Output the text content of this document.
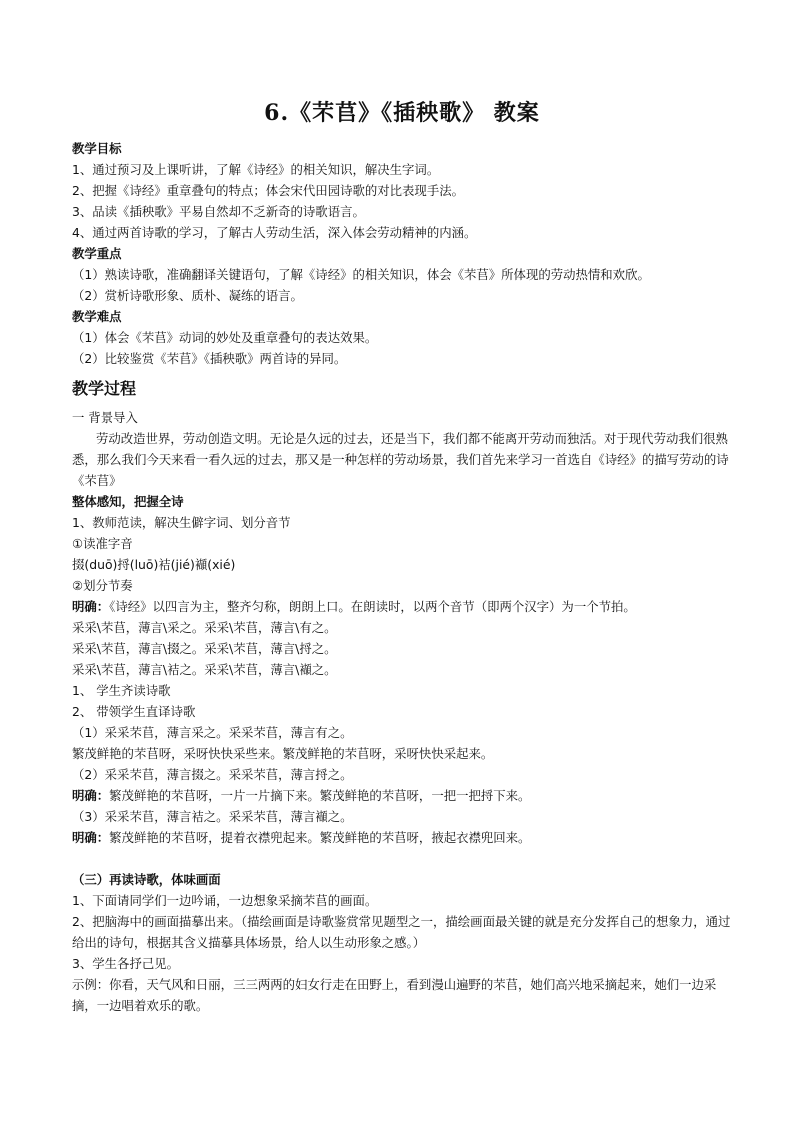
6.《芣苢》《插秧歌》 教案
教学目标
1、通过预习及上课听讲，了解《诗经》的相关知识，解决生字词。
2、把握《诗经》重章叠句的特点；体会宋代田园诗歌的对比表现手法。
3、品读《插秧歌》平易自然却不乏新奇的诗歌语言。
4、通过两首诗歌的学习，了解古人劳动生活，深入体会劳动精神的内涵。
教学重点
（1）熟读诗歌，准确翻译关键语句，了解《诗经》的相关知识，体会《芣苢》所体现的劳动热情和欢欣。
（2）赏析诗歌形象、质朴、凝练的语言。
教学难点
（1）体会《芣苢》动词的妙处及重章叠句的表达效果。
（2）比较鉴赏《芣苢》《插秧歌》两首诗的异同。
教学过程
一 背景导入
劳动改造世界，劳动创造文明。无论是久远的过去，还是当下，我们都不能离开劳动而独活。对于现代劳动我们很熟悉，那么我们今天来看一看久远的过去，那又是一种怎样的劳动场景，我们首先来学习一首选自《诗经》的描写劳动的诗《芣苢》
整体感知，把握全诗
1、教师范读，解决生僻字词、划分音节
①读准字音
掇(duō)捋(luō)袺(jié)襭(xié)
②划分节奏
明确：《诗经》以四言为主，整齐匀称，朗朗上口。在朗读时，以两个音节（即两个汉字）为一个节拍。
采采\芣苢，薄言\采之。采采\芣苢，薄言\有之。
采采\芣苢，薄言\掇之。采采\芣苢，薄言\捋之。
采采\芣苢，薄言\袺之。采采\芣苢，薄言\襭之。
1、 学生齐读诗歌
2、 带领学生直译诗歌
（1）采采芣苢，薄言采之。采采芣苢，薄言有之。
繁茂鲜艳的芣苢呀，采呀快快采些来。繁茂鲜艳的芣苢呀，采呀快快采起来。
（2）采采芣苢，薄言掇之。采采芣苢，薄言捋之。
明确：繁茂鲜艳的芣苢呀，一片一片摘下来。繁茂鲜艳的芣苢呀，一把一把捋下来。
（3）采采芣苢，薄言袺之。采采芣苢，薄言襭之。
明确：繁茂鲜艳的芣苢呀，提着衣襟兜起来。繁茂鲜艳的芣苢呀，掖起衣襟兜回来。
（三）再读诗歌，体味画面
1、下面请同学们一边吟诵，一边想象采摘芣苢的画面。
2、把脑海中的画面描摹出来。（描绘画面是诗歌鉴赏常见题型之一，描绘画面最关键的就是充分发挥自己的想象力，通过给出的诗句，根据其含义描摹具体场景，给人以生动形象之感。）
3、学生各抒己见。
示例：你看，天气风和日丽，三三两两的妇女行走在田野上，看到漫山遍野的芣苢，她们高兴地采摘起来，她们一边采摘，一边唱着欢乐的歌。
